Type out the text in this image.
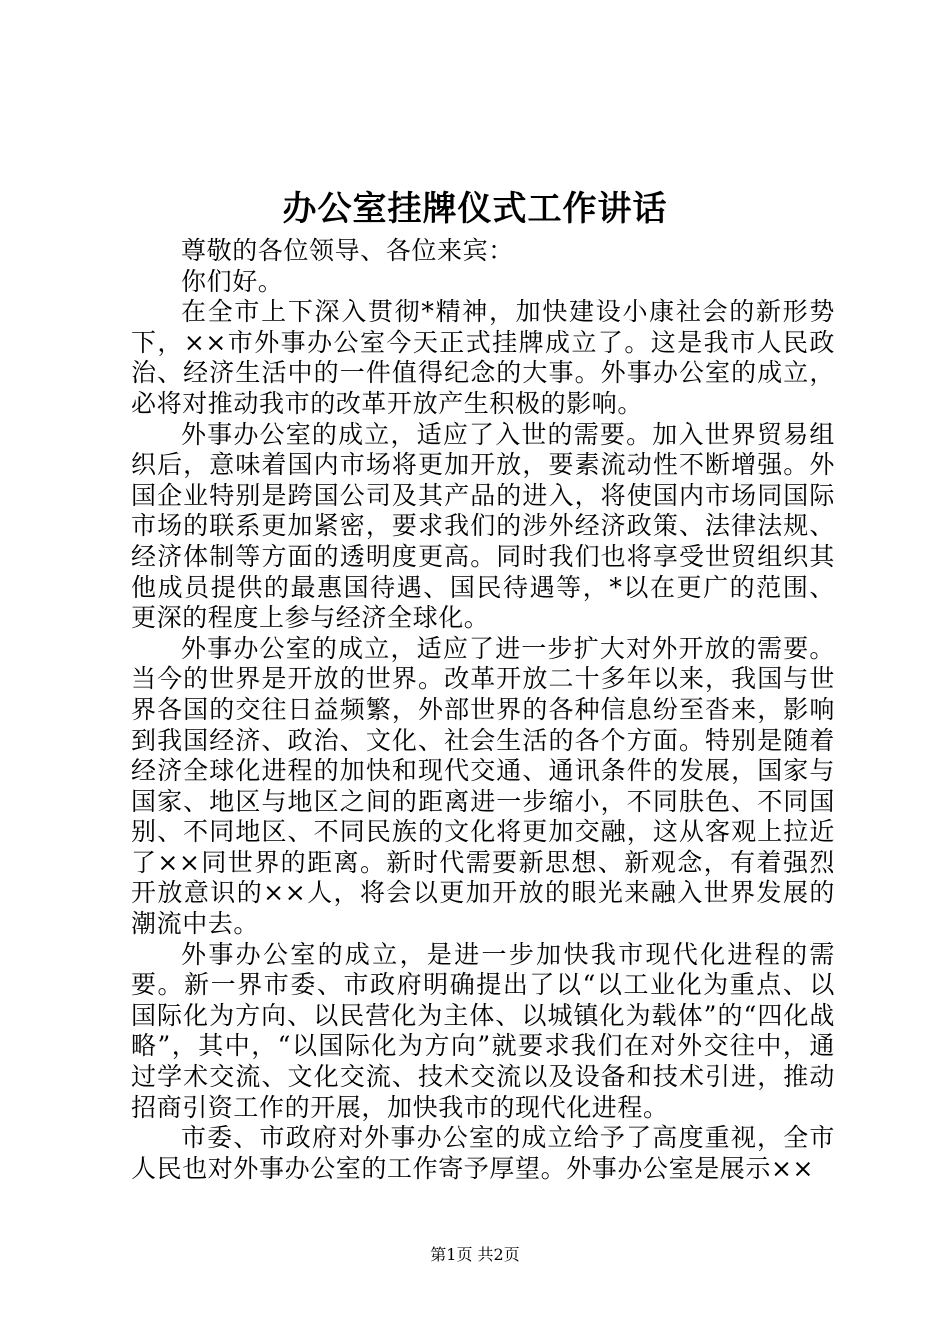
办公室挂牌仪式工作讲话

尊敬的各位领导、各位来宾：

你们好。

在全市上下深入贯彻*精神，加快建设小康社会的新形势下，××市外事办公室今天正式挂牌成立了。这是我市人民政治、经济生活中的一件值得纪念的大事。外事办公室的成立，必将对推动我市的改革开放产生积极的影响。

外事办公室的成立，适应了入世的需要。加入世界贸易组织后，意味着国内市场将更加开放，要素流动性不断增强。外国企业特别是跨国公司及其产品的进入，将使国内市场同国际市场的联系更加紧密，要求我们的涉外经济政策、法律法规、经济体制等方面的透明度更高。同时我们也将享受世贸组织其他成员提供的最惠国待遇、国民待遇等，*以在更广的范围、更深的程度上参与经济全球化。

外事办公室的成立，适应了进一步扩大对外开放的需要。当今的世界是开放的世界。改革开放二十多年以来，我国与世界各国的交往日益频繁，外部世界的各种信息纷至沓来，影响到我国经济、政治、文化、社会生活的各个方面。特别是随着经济全球化进程的加快和现代交通、通讯条件的发展，国家与国家、地区与地区之间的距离进一步缩小，不同肤色、不同国别、不同地区、不同民族的文化将更加交融，这从客观上拉近了××同世界的距离。新时代需要新思想、新观念，有着强烈开放意识的××人，将会以更加开放的眼光来融入世界发展的潮流中去。

外事办公室的成立，是进一步加快我市现代化进程的需要。新一界市委、市政府明确提出了以“以工业化为重点、以国际化为方向、以民营化为主体、以城镇化为载体”的“四化战略”，其中，“以国际化为方向”就要求我们在对外交往中，通过学术交流、文化交流、技术交流以及设备和技术引进，推动招商引资工作的开展，加快我市的现代化进程。

市委、市政府对外事办公室的成立给予了高度重视，全市人民也对外事办公室的工作寄予厚望。外事办公室是展示××

第1页 共2页
